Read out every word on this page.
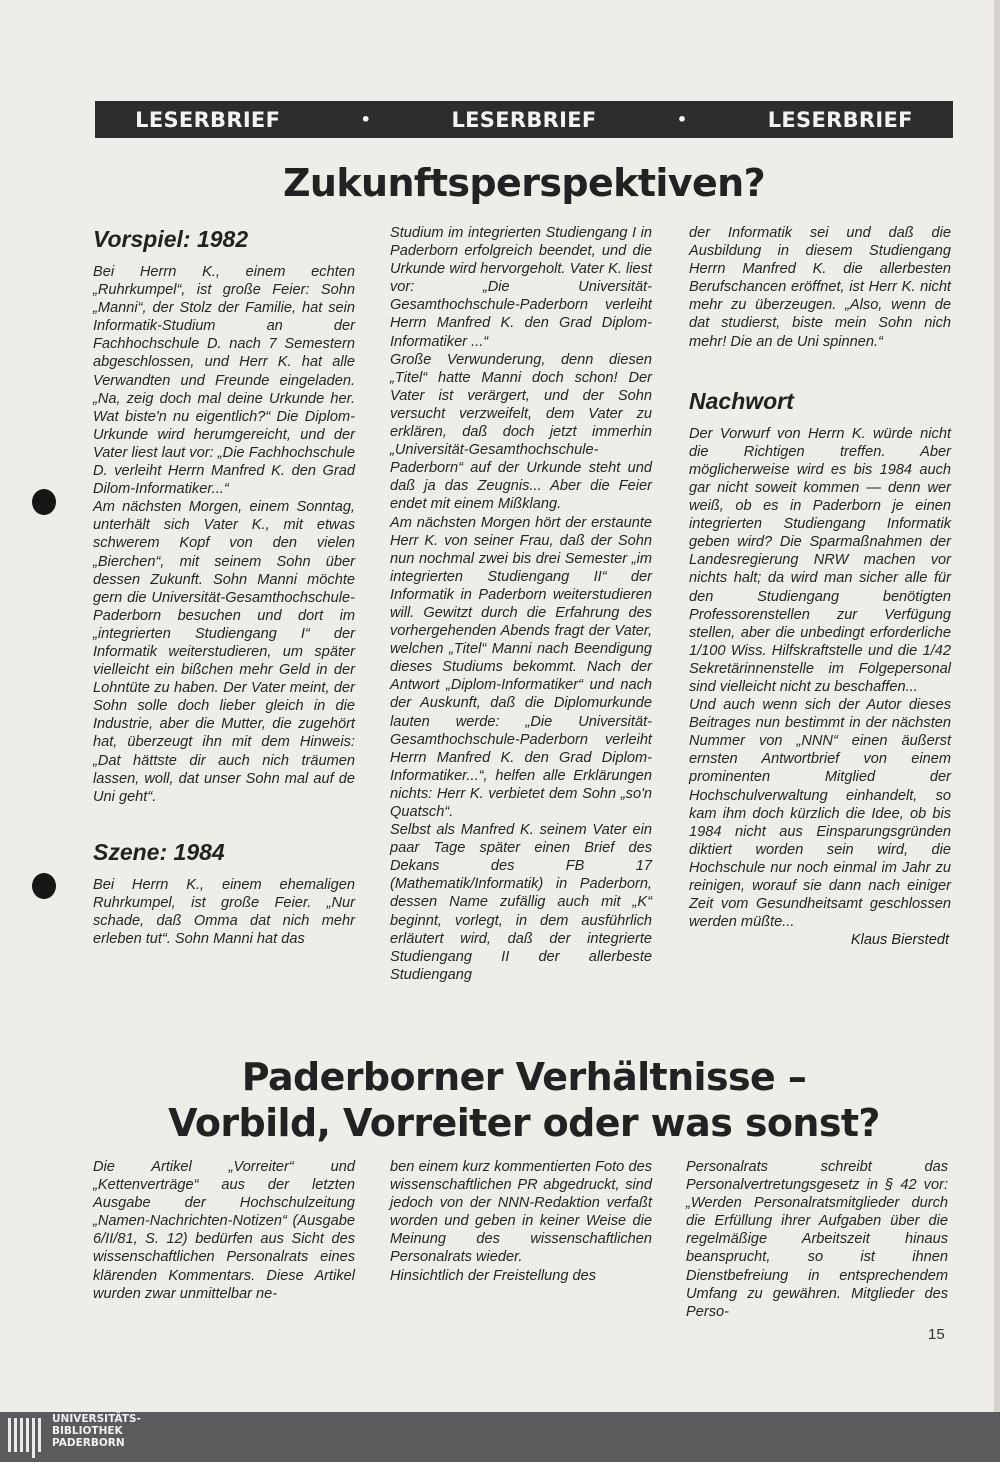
LESERBRIEF	•	LESERBRIEF	•	LESERBRIEF
Zukunftsperspektiven?
Vorspiel: 1982

Bei Herrn K., einem echten „Ruhrkumpel“, ist große Feier: Sohn „Manni“, der Stolz der Familie, hat sein Informatik-Studium an der Fachhochschule D. nach 7 Semestern abgeschlossen, und Herr K. hat alle Verwandten und Freunde eingeladen. „Na, zeig doch mal deine Urkunde her. Wat biste'n nu eigentlich?“ Die Diplom-Urkunde wird herumgereicht, und der Vater liest laut vor: „Die Fachhochschule D. verleiht Herrn Manfred K. den Grad Dilom-Informatiker...“

Am nächsten Morgen, einem Sonntag, unterhält sich Vater K., mit etwas schwerem Kopf von den vielen „Bierchen“, mit seinem Sohn über dessen Zukunft. Sohn Manni möchte gern die Universität-Gesamthochschule-Paderborn besuchen und dort im „integrierten Studiengang I“ der Informatik weiterstudieren, um später vielleicht ein bißchen mehr Geld in der Lohntüte zu haben. Der Vater meint, der Sohn solle doch lieber gleich in die Industrie, aber die Mutter, die zugehört hat, überzeugt ihn mit dem Hinweis: „Dat hättste dir auch nich träumen lassen, woll, dat unser Sohn mal auf de Uni geht“.

Szene: 1984

Bei Herrn K., einem ehemaligen Ruhrkumpel, ist große Feier. „Nur schade, daß Omma dat nich mehr erleben tut“. Sohn Manni hat das

Studium im integrierten Studiengang I in Paderborn erfolgreich beendet, und die Urkunde wird hervorgeholt. Vater K. liest vor: „Die Universität-Gesamthochschule-Paderborn verleiht Herrn Manfred K. den Grad Diplom-Informatiker ...“

Große Verwunderung, denn diesen „Titel“ hatte Manni doch schon! Der Vater ist verärgert, und der Sohn versucht verzweifelt, dem Vater zu erklären, daß doch jetzt immerhin „Universität-Gesamthochschule-Paderborn“ auf der Urkunde steht und daß ja das Zeugnis... Aber die Feier endet mit einem Mißklang.

Am nächsten Morgen hört der erstaunte Herr K. von seiner Frau, daß der Sohn nun nochmal zwei bis drei Semester „im integrierten Studiengang II“ der Informatik in Paderborn weiterstudieren will. Gewitzt durch die Erfahrung des vorhergehenden Abends fragt der Vater, welchen „Titel“ Manni nach Beendigung dieses Studiums bekommt. Nach der Antwort „Diplom-Informatiker“ und nach der Auskunft, daß die Diplomurkunde lauten werde: „Die Universität-Gesamthochschule-Paderborn verleiht Herrn Manfred K. den Grad Diplom-Informatiker...“, helfen alle Erklärungen nichts: Herr K. verbietet dem Sohn „so'n Quatsch“.

Selbst als Manfred K. seinem Vater ein paar Tage später einen Brief des Dekans des FB 17 (Mathematik/Informatik) in Paderborn, dessen Name zufällig auch mit „K“ beginnt, vorlegt, in dem ausführlich erläutert wird, daß der integrierte Studiengang II der allerbeste Studiengang

der Informatik sei und daß die Ausbildung in diesem Studiengang Herrn Manfred K. die allerbesten Berufschancen eröffnet, ist Herr K. nicht mehr zu überzeugen. „Also, wenn de dat studierst, biste mein Sohn nich mehr! Die an de Uni spinnen.“

Nachwort

Der Vorwurf von Herrn K. würde nicht die Richtigen treffen. Aber möglicherweise wird es bis 1984 auch gar nicht soweit kommen — denn wer weiß, ob es in Paderborn je einen integrierten Studiengang Informatik geben wird? Die Sparmaßnahmen der Landesregierung NRW machen vor nichts halt; da wird man sicher alle für den Studiengang benötigten Professorenstellen zur Verfügung stellen, aber die unbedingt erforderliche 1/100 Wiss. Hilfskraftstelle und die 1/42 Sekretärinnenstelle im Folgepersonal sind vielleicht nicht zu beschaffen...

Und auch wenn sich der Autor dieses Beitrages nun bestimmt in der nächsten Nummer von „NNN“ einen äußerst ernsten Antwortbrief von einem prominenten Mitglied der Hochschulverwaltung einhandelt, so kam ihm doch kürzlich die Idee, ob bis 1984 nicht aus Einsparungsgründen diktiert worden sein wird, die Hochschule nur noch einmal im Jahr zu reinigen, worauf sie dann nach einiger Zeit vom Gesundheitsamt geschlossen werden müßte...

Klaus Bierstedt
Paderborner Verhältnisse –
Vorbild, Vorreiter oder was sonst?

Die Artikel „Vorreiter“ und „Kettenverträge“ aus der letzten Ausgabe der Hochschulzeitung „Namen-Nachrichten-Notizen“ (Ausgabe 6/II/81, S. 12) bedürfen aus Sicht des wissenschaftlichen Personalrats eines klärenden Kommentars. Diese Artikel wurden zwar unmittelbar ne-

ben einem kurz kommentierten Foto des wissenschaftlichen PR abgedruckt, sind jedoch von der NNN-Redaktion verfaßt worden und geben in keiner Weise die Meinung des wissenschaftlichen Personalrats wieder.

Hinsichtlich der Freistellung des

Personalrats schreibt das Personalvertretungsgesetz in § 42 vor: „Werden Personalratsmitglieder durch die Erfüllung ihrer Aufgaben über die regelmäßige Arbeitszeit hinaus beansprucht, so ist ihnen Dienstbefreiung in entsprechendem Umfang zu gewähren. Mitglieder des Perso-

15
UNIVERSITÄTS-
BIBLIOTHEK
PADERBORN
